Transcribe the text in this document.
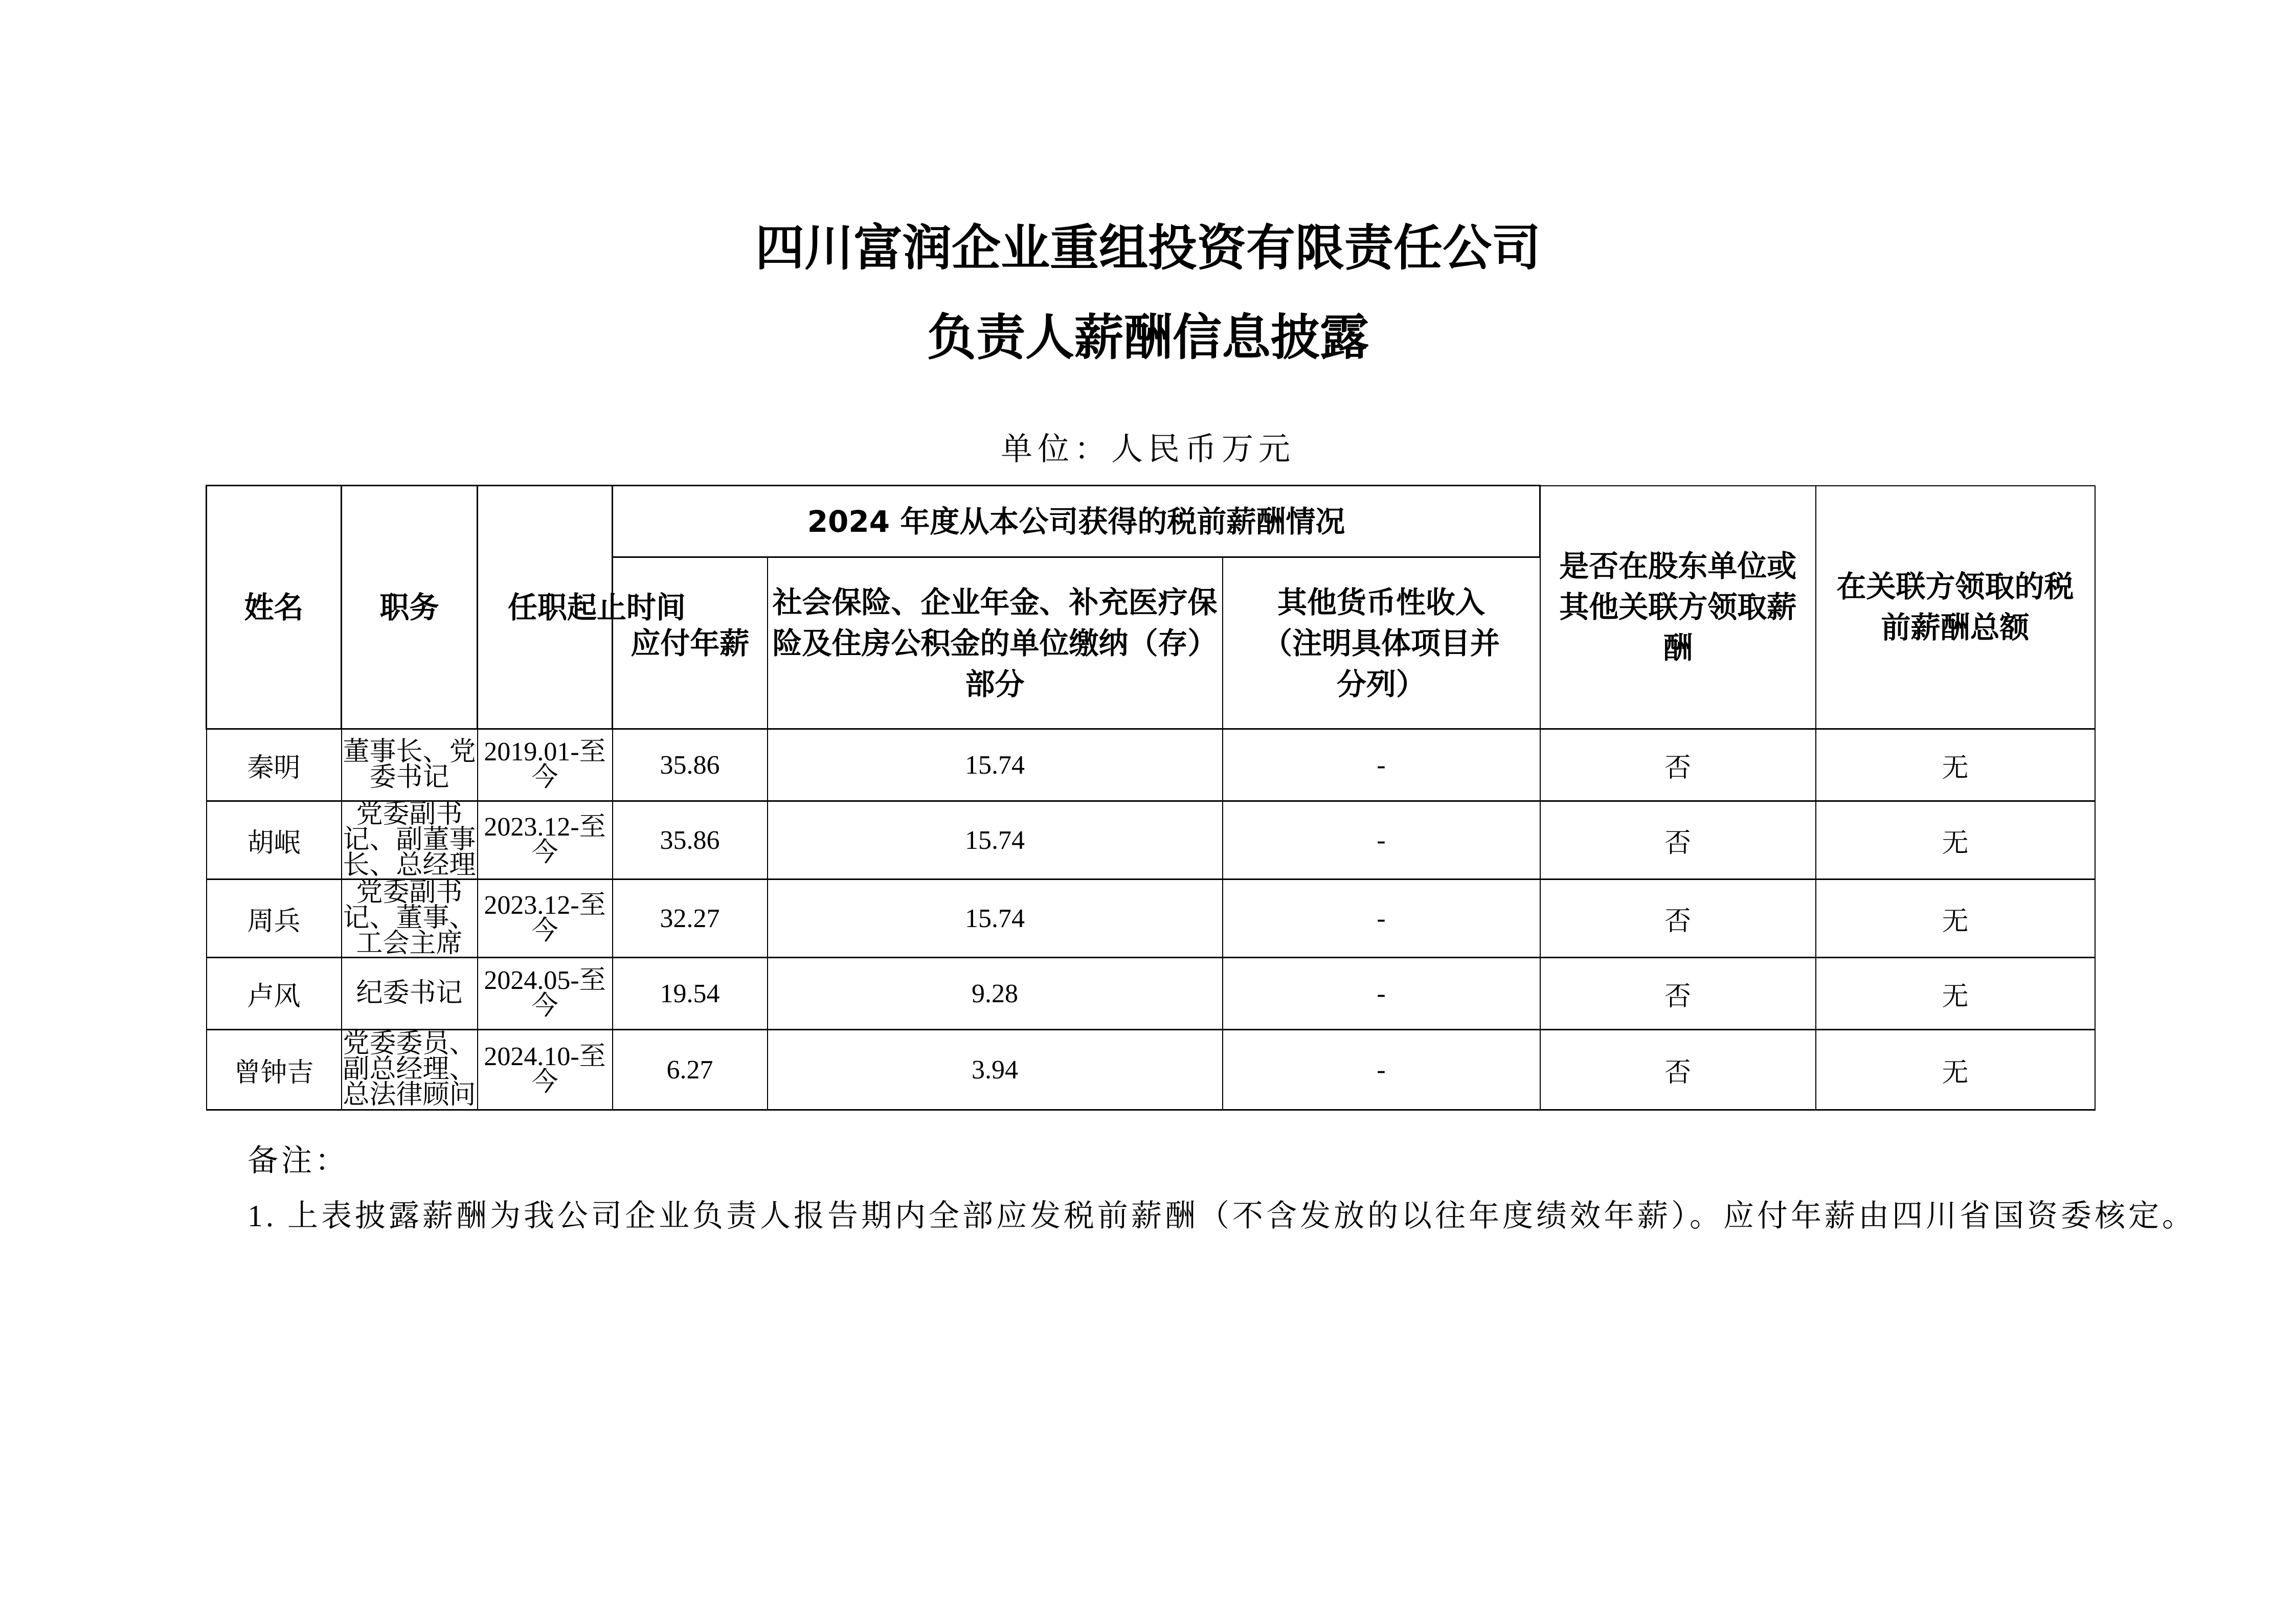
四川富润企业重组投资有限责任公司
负责人薪酬信息披露
单位：人民币万元
姓名	职务	任职起止时间	2024 年度从本公司获得的税前薪酬情况			是否在股东单位或其他关联方领取薪酬	在关联方领取的税前薪酬总额

			应付年薪	社会保险、企业年金、补充医疗保险及住房公积金的单位缴纳（存）部分	其他货币性收入（注明具体项目并分列）		

秦明	董事长、党委书记	2019.01-至今	35.86	15.74	-	否	无
胡岷	党委副书记、副董事长、总经理	2023.12-至今	35.86	15.74	-	否	无
周兵	党委副书记、董事、工会主席	2023.12-至今	32.27	15.74	-	否	无
卢风	纪委书记	2024.05-至今	19.54	9.28	-	否	无
曾钟吉	党委委员、副总经理、总法律顾问	2024.10-至今	6.27	3.94	-	否	无
备注：
1. 上表披露薪酬为我公司企业负责人报告期内全部应发税前薪酬（不含发放的以往年度绩效年薪）。应付年薪由四川省国资委核定。
